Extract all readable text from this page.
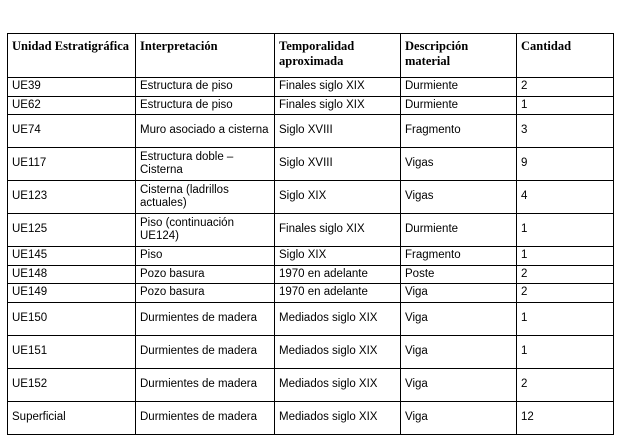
Unidad Estratigráfica	Interpretación	Temporalidad aproximada	Descripción material	Cantidad
UE39	Estructura de piso	Finales siglo XIX	Durmiente	2
UE62	Estructura de piso	Finales siglo XIX	Durmiente	1
UE74	Muro asociado a cisterna	Siglo XVIII	Fragmento	3
UE117	Estructura doble – Cisterna	Siglo XVIII	Vigas	9
UE123	Cisterna (ladrillos actuales)	Siglo XIX	Vigas	4
UE125	Piso (continuación UE124)	Finales siglo XIX	Durmiente	1
UE145	Piso	Siglo XIX	Fragmento	1
UE148	Pozo basura	1970 en adelante	Poste	2
UE149	Pozo basura	1970 en adelante	Viga	2
UE150	Durmientes de madera	Mediados siglo XIX	Viga	1
UE151	Durmientes de madera	Mediados siglo XIX	Viga	1
UE152	Durmientes de madera	Mediados siglo XIX	Viga	2
Superficial	Durmientes de madera	Mediados siglo XIX	Viga	12
